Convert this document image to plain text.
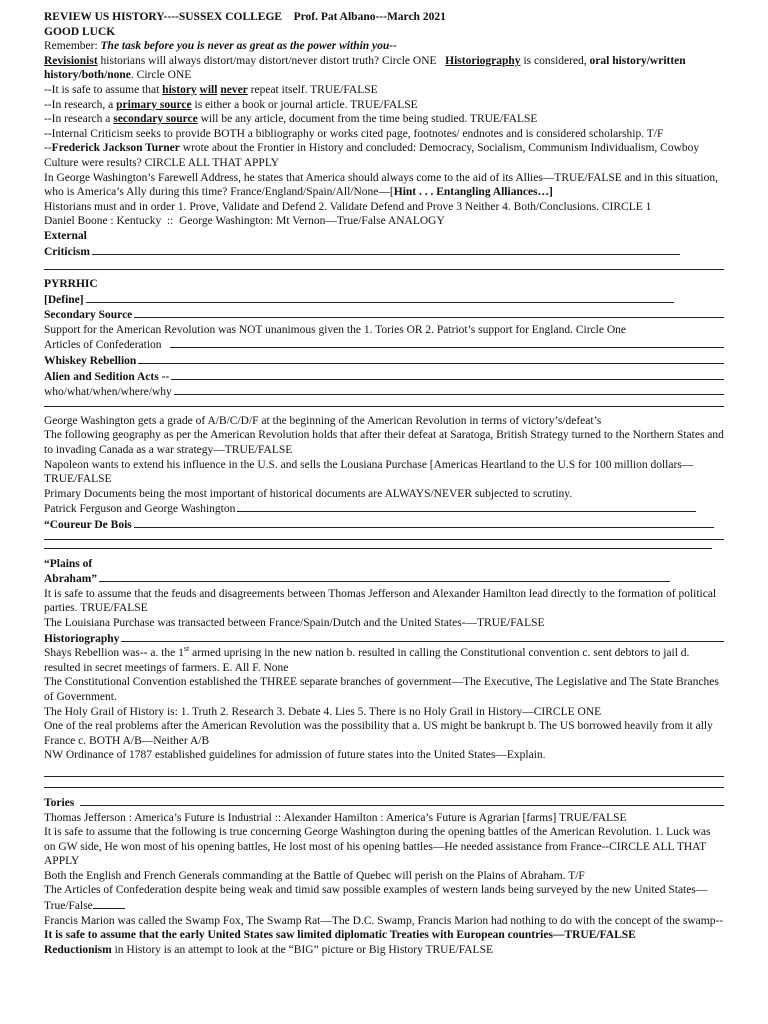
REVIEW US HISTORY----SUSSEX COLLEGE    Prof. Pat Albano---March 2021
GOOD LUCK
Remember: The task before you is never as great as the power within you--
Revisionist historians will always distort/may distort/never distort truth? Circle ONE   Historiography is considered, oral history/written history/both/none. Circle ONE
--It is safe to assume that history will never repeat itself. TRUE/FALSE
--In research, a primary source is either a book or journal article. TRUE/FALSE
--In research a secondary source will be any article, document from the time being studied. TRUE/FALSE
--Internal Criticism seeks to provide BOTH a bibliography or works cited page, footnotes/ endnotes and is considered scholarship. T/F
--Frederick Jackson Turner wrote about the Frontier in History and concluded: Democracy, Socialism, Communism Individualism, Cowboy Culture were results? CIRCLE ALL THAT APPLY
In George Washington’s Farewell Address, he states that America should always come to the aid of its Allies—TRUE/FALSE and in this situation, who is America’s Ally during this time? France/England/Spain/All/None—[Hint . . . Entangling Alliances…]
Historians must and in order 1. Prove, Validate and Defend 2. Validate Defend and Prove 3 Neither 4. Both/Conclusions. CIRCLE 1
Daniel Boone : Kentucky  ::  George Washington: Mt Vernon—True/False ANALOGY
External
Criticism
PYRRHIC
[Define]
Secondary Source
Support for the American Revolution was NOT unanimous given the 1. Tories OR 2. Patriot’s support for England. Circle One
Articles of Confederation
Whiskey Rebellion
Alien and Sedition Acts --
who/what/when/where/why
George Washington gets a grade of A/B/C/D/F at the beginning of the American Revolution in terms of victory’s/defeat’s
The following geography as per the American Revolution holds that after their defeat at Saratoga, British Strategy turned to the Northern States and to invading Canada as a war strategy—TRUE/FALSE
Napoleon wants to extend his influence in the U.S. and sells the Lousiana Purchase [Americas Heartland to the U.S for 100 million dollars—TRUE/FALSE
Primary Documents being the most important of historical documents are ALWAYS/NEVER subjected to scrutiny.
Patrick Ferguson and George Washington
“Coureur De Bois
“Plains of
Abraham”
It is safe to assume that the feuds and disagreements between Thomas Jefferson and Alexander Hamilton lead directly to the formation of political parties. TRUE/FALSE
The Louisiana Purchase was transacted between France/Spain/Dutch and the United States-—TRUE/FALSE
Historiography
Shays Rebellion was-- a. the 1st armed uprising in the new nation b. resulted in calling the Constitutional convention c. sent debtors to jail d. resulted in secret meetings of farmers. E. All F. None
The Constitutional Convention established the THREE separate branches of government—The Executive, The Legislative and The State Branches of Government.
The Holy Grail of History is: 1. Truth 2. Research 3. Debate 4. Lies 5. There is no Holy Grail in History—CIRCLE ONE
One of the real problems after the American Revolution was the possibility that a. US might be bankrupt b. The US borrowed heavily from it ally France c. BOTH A/B—Neither A/B
NW Ordinance of 1787 established guidelines for admission of future states into the United States—Explain.
Tories
Thomas Jefferson : America’s Future is Industrial :: Alexander Hamilton : America’s Future is Agrarian [farms] TRUE/FALSE
It is safe to assume that the following is true concerning George Washington during the opening battles of the American Revolution. 1. Luck was on GW side, He won most of his opening battles, He lost most of his opening battles—He needed assistance from France--CIRCLE ALL THAT APPLY
Both the English and French Generals commanding at the Battle of Quebec will perish on the Plains of Abraham. T/F
The Articles of Confederation despite being weak and timid saw possible examples of western lands being surveyed by the new United States—True/False
Francis Marion was called the Swamp Fox, The Swamp Rat—The D.C. Swamp, Francis Marion had nothing to do with the concept of the swamp--
It is safe to assume that the early United States saw limited diplomatic Treaties with European countries—TRUE/FALSE
Reductionism in History is an attempt to look at the “BIG” picture or Big History TRUE/FALSE
